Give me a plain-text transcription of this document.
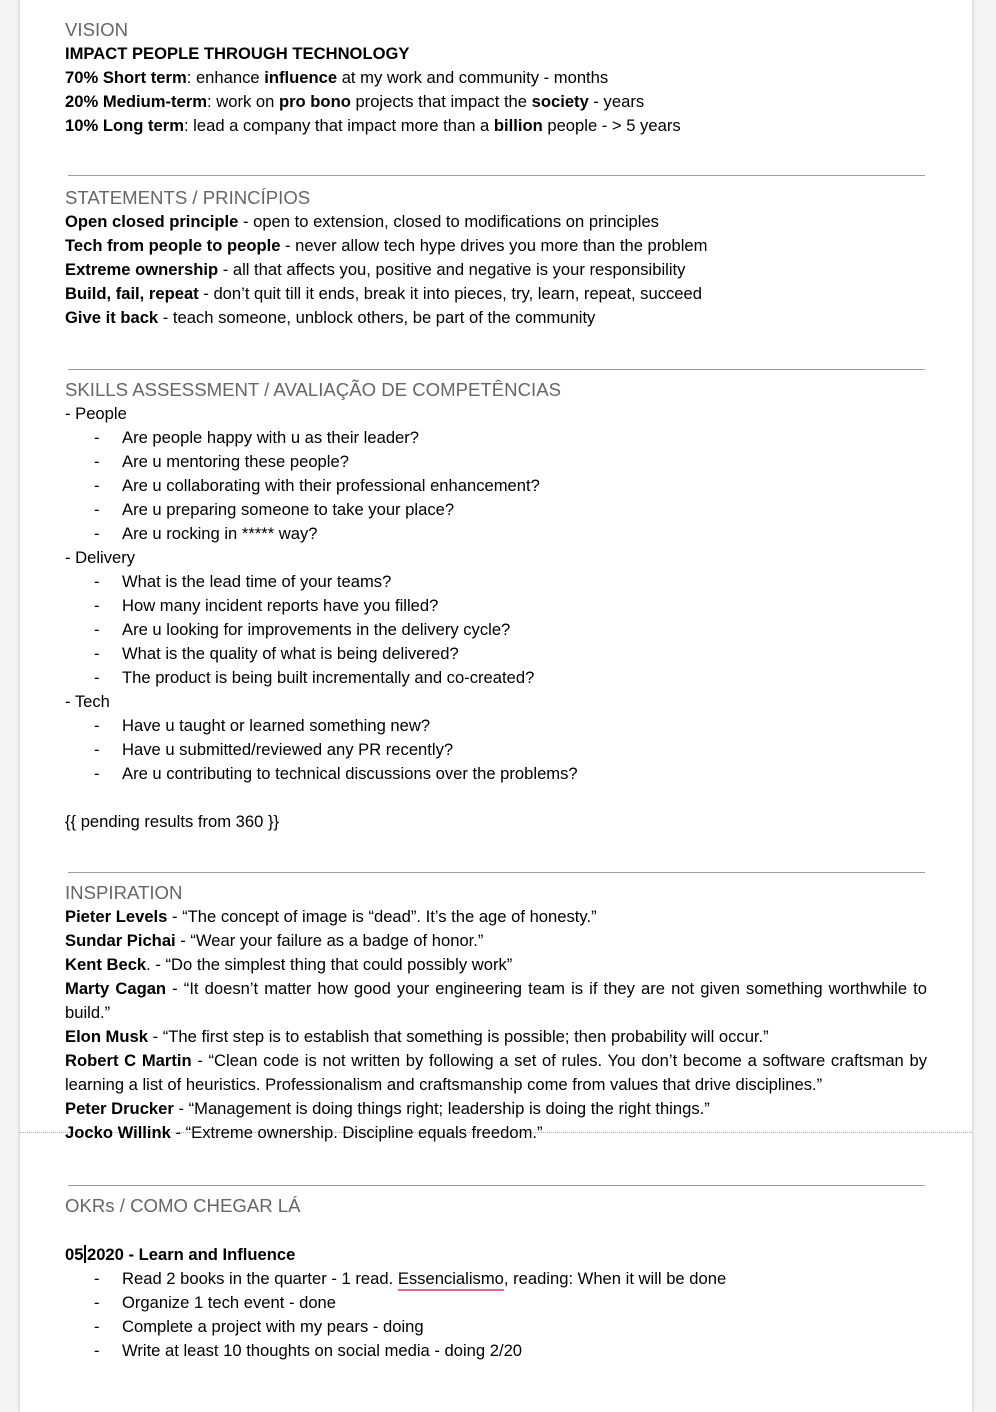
VISION
IMPACT PEOPLE THROUGH TECHNOLOGY
70% Short term: enhance influence at my work and community - months
20% Medium-term: work on pro bono projects that impact the society - years
10% Long term: lead a company that impact more than a billion people - > 5 years
STATEMENTS / PRINCÍPIOS
Open closed principle - open to extension, closed to modifications on principles
Tech from people to people - never allow tech hype drives you more than the problem
Extreme ownership - all that affects you, positive and negative is your responsibility
Build, fail, repeat - don’t quit till it ends, break it into pieces, try, learn, repeat, succeed
Give it back - teach someone, unblock others, be part of the community
SKILLS ASSESSMENT / AVALIAÇÃO DE COMPETÊNCIAS
- People
- Are people happy with u as their leader?
- Are u mentoring these people?
- Are u collaborating with their professional enhancement?
- Are u preparing someone to take your place?
- Are u rocking in ***** way?
- Delivery
- What is the lead time of your teams?
- How many incident reports have you filled?
- Are u looking for improvements in the delivery cycle?
- What is the quality of what is being delivered?
- The product is being built incrementally and co-created?
- Tech
- Have u taught or learned something new?
- Have u submitted/reviewed any PR recently?
- Are u contributing to technical discussions over the problems?
{{ pending results from 360 }}
INSPIRATION
Pieter Levels - “The concept of image is “dead”. It’s the age of honesty.”
Sundar Pichai - “Wear your failure as a badge of honor.”
Kent Beck. - “Do the simplest thing that could possibly work”
Marty Cagan - “It doesn’t matter how good your engineering team is if they are not given something worthwhile to build.”
Elon Musk - “The first step is to establish that something is possible; then probability will occur.”
Robert C Martin - “Clean code is not written by following a set of rules. You don’t become a software craftsman by learning a list of heuristics. Professionalism and craftsmanship come from values that drive disciplines.”
Peter Drucker - “Management is doing things right; leadership is doing the right things.”
Jocko Willink - “Extreme ownership. Discipline equals freedom.”
OKRs / COMO CHEGAR LÁ
05 2020 - Learn and Influence
- Read 2 books in the quarter - 1 read. Essencialismo, reading: When it will be done
- Organize 1 tech event - done
- Complete a project with my pears - doing
- Write at least 10 thoughts on social media - doing 2/20
